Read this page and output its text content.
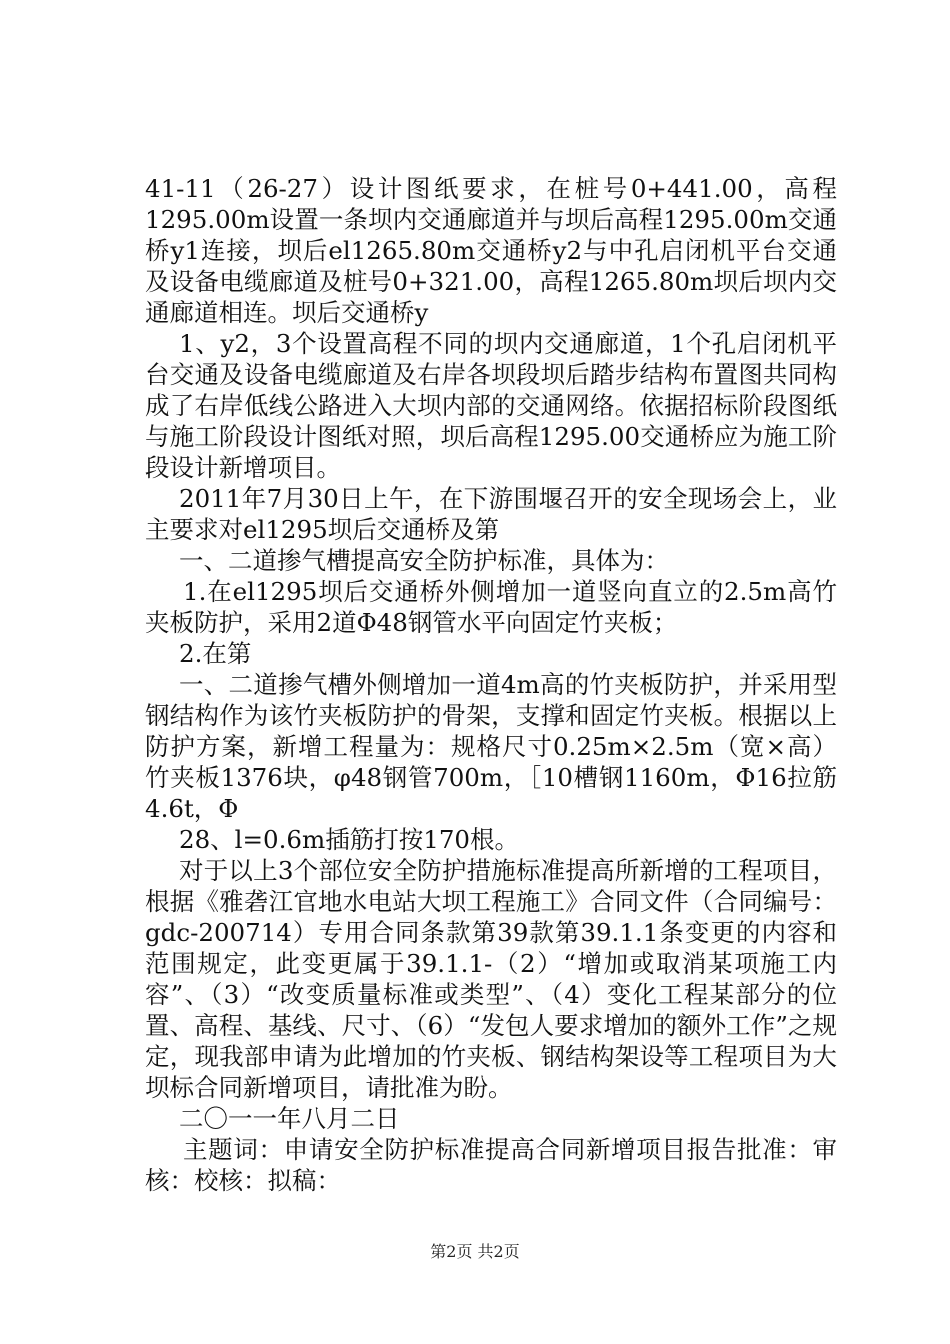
41-11（26-27）设计图纸要求，在桩号0+441.00，高程1295.00m设置一条坝内交通廊道并与坝后高程1295.00m交通桥y1连接，坝后el1265.80m交通桥y2与中孔启闭机平台交通及设备电缆廊道及桩号0+321.00，高程1265.80m坝后坝内交通廊道相连。坝后交通桥y

1、y2，3个设置高程不同的坝内交通廊道，1个孔启闭机平台交通及设备电缆廊道及右岸各坝段坝后踏步结构布置图共同构成了右岸低线公路进入大坝内部的交通网络。依据招标阶段图纸与施工阶段设计图纸对照，坝后高程1295.00交通桥应为施工阶段设计新增项目。

2011年7月30日上午，在下游围堰召开的安全现场会上，业主要求对el1295坝后交通桥及第

一、二道掺气槽提高安全防护标准，具体为：

1.在el1295坝后交通桥外侧增加一道竖向直立的2.5m高竹夹板防护，采用2道Φ48钢管水平向固定竹夹板；

2.在第

一、二道掺气槽外侧增加一道4m高的竹夹板防护，并采用型钢结构作为该竹夹板防护的骨架，支撑和固定竹夹板。根据以上防护方案，新增工程量为：规格尺寸0.25m×2.5m（宽×高）竹夹板1376块，φ48钢管700m，［10槽钢1160m，Φ16拉筋4.6t，Φ

28、l=0.6m插筋打按170根。

对于以上3个部位安全防护措施标准提高所新增的工程项目，根据《雅砻江官地水电站大坝工程施工》合同文件（合同编号：gdc-200714）专用合同条款第39款第39.1.1条变更的内容和范围规定，此变更属于39.1.1-（2）“增加或取消某项施工内容”、（3）“改变质量标准或类型”、（4）变化工程某部分的位置、高程、基线、尺寸、（6）“发包人要求增加的额外工作”之规定，现我部申请为此增加的竹夹板、钢结构架设等工程项目为大坝标合同新增项目，请批准为盼。

二〇一一年八月二日

主题词：申请安全防护标准提高合同新增项目报告批准：审核：校核：拟稿：

第2页 共2页
